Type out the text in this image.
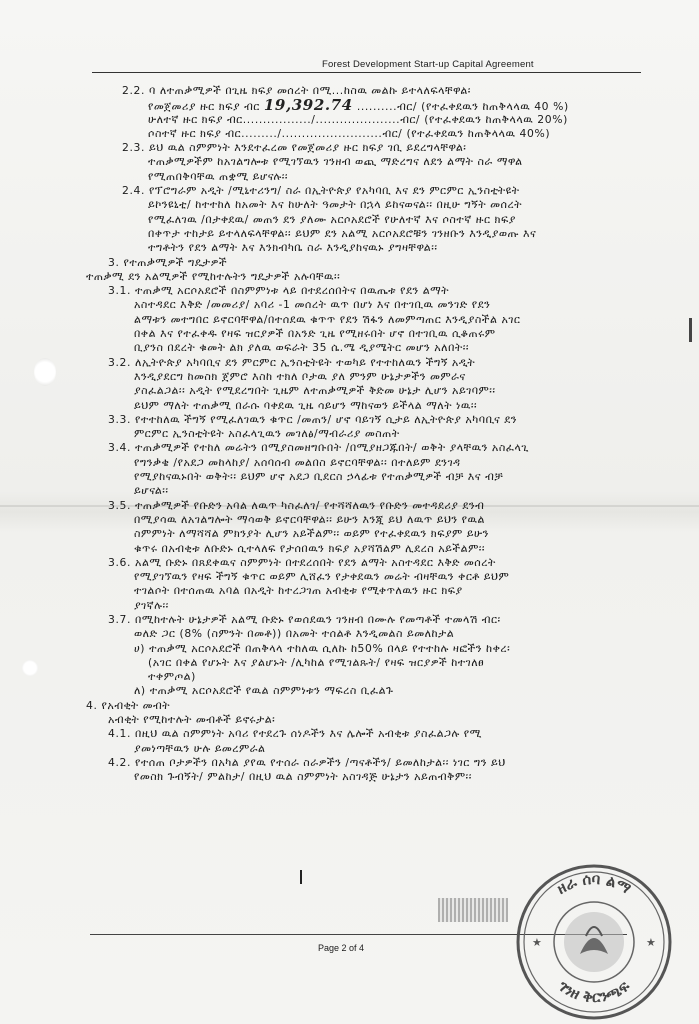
Forest Development Start-up Capital Agreement
2.2. ባ ለተጠቃሚዎች በጊዜ ክፍያ መሰረት በሚ...ከስዉ መልኩ ይተላለፍላቸዋል፡
የመጀመሪያ ዙር ክፍያ ብር 19,392.74 ..........ብር/ (የተፈቀደዉን ከጠቅላላዉ 40 %)
ሁለተኛ ዙር ክፍያ ብር................./.....................ብር/ (የተፈቀደዉን ከጠቅላላዉ 20%)
ሶስተኛ ዙር ክፍያ ብር........./.........................ብር/ (የተፈቀደዉን ከጠቅላላዉ 40%)
2.3. ይህ ዉል ስምምነት እንደተፈረመ የመጀመሪያ ዙር ክፍያ ገቢ ይደረግላቸዋል፡
ተጠቃሚዎችም ከአገልግሎቱ የሚገኘዉን ገንዘብ ወጪ ማድረግና ለደን ልማት ስራ ማዋል
የሚጠበቅባቸዉ ጠቋሚ ይሆናሉ፡፡
2.4. የፕሮግራም አዲት /ሚኒተሪንግ/ ስራ በኢትዮጵያ የአካባቢ እና ደን ምርምር ኢንስቲትዩት
ይኮንዩኒቲ/ ከተተከለ ከአመት እና ከሁለት ዓመታት በኋላ ይከናወናል፡፡ በዚሁ ግኝት መሰረት
የሚፈለገዉ /በታቀደዉ/ መጠን ደን ያለሙ አርሶአደሮች የሁለተኛ እና ሶስተኛ ዙር ክፍያ
በቀጥታ ተከታይ ይተላለፍላቸዋል፡፡ ይህም ደን አልሚ አርሶአደሮቹን ገንዘቡን እንዲያወጡ እና
ተግቶትን የደን ልማት እና እንክብካቤ ስራ እንዲያከናዉኑ ያግዛቸዋል፡፡
3. የተጠቃሚዎች ግዴታዎች
ተጠቃሚ ደን አልሚዎች የሚከተሉትን ግዴታዎች አሉባቸዉ፡፡
3.1. ተጠቃሚ አርሶአደሮች በስምምነቱ ላይ በተደረሰበትና በዉጤቱ የደን ልማት
አስተዳደር እቅድ /መመሪያ/ አባሪ -1 መሰረት ዉጥ በሆነ እና በተገቢዉ መንገድ የደን
ልማቱን መተግበር ይኖርባቸዋል/በተሰደዉ ቁጥጥ የደን ሽፋን ለመምጣጠር እንዲያስችል አገር
በቀል እና የተፈቀዱ የዛፍ ዝርያዎች በአንድ ጊዜ የሚዘሩበት ሆኖ በተገቢዉ ሲቆጠሩም
ቢያንስ በደረት ቁመት ልክ ያለዉ ወፍራት 35 ሴ.ሜ ዲያሜትር መሆን አለበት፡፡
3.2. ለኢትዮጵያ አካባቢና ደን ምርምር ኢንስቲትዩት ተወካይ የተተከለዉን ችግኝ አዲት
እንዲያደርግ ከመስክ ጀምሮ እስከ ተክለ ቦታዉ ያለ ምንም ሁኔታዎችን መምራና
ያስፈልጋል፡፡ አዲት የሚደረግበት ጊዜም ለተጠቃሚዎች ቅድመ ሁኔታ ሊሆን አይገባም፡፡
ይህም ማለት ተጠቃሚ በራሱ ባቀደዉ ጊዜ ሳይሆን ማከናወን ይችላል ማለት ነዉ፡፡
3.3. የተተከለዉ ችግኝ የሚፈለገዉን ቁጥር /መጠን/ ሆኖ ባይገኝ ሲታይ ለኢትዮጵያ አካባቢና ደን
ምርምር ኢንስቲትዩት አስፈላጊዉን መገለፅ/ማብራሪያ መስጠት
3.4. ተጠቃሚዎች የተከለ መሬትን በሚያስመዘግቡበት /በሚያዘጋጁበት/ ወቅት ያላቸዉን አስፈላጊ
የግንቃቄ /የአደጋ መከላከያ/ አሰባሰብ መልበስ ይኖርባቸዋል፡፡ በተለይም ደንገዳ
የሚያከናዉኑበት ወቅት፡፡ ይህም ሆኖ አደጋ ቢደርስ ኃላፊቱ የተጠቃሚዎች ብቻ እና ብቻ
ይሆናል፡፡
3.5. ተጠቃሚዎች የቡድን አባል ለዉጥ ካስፈለገ/ የተሻሻለዉን የቡድን መተዳደሪያ ደንብ
በሚያሳዉ ለአገልግሎት ማሳወቅ ይኖርባቸዋል፡፡ ይሁን እንጂ ይህ ለዉጥ ይህን የዉል
ስምምነት ለማሻሻል ምክንያት ሊሆን አይችልም፡፡ ወይም የተፈቀደዉን ክፍያም ይሁን
ቁጥሩ በአብቂቱ ለቡድኑ ሲተላለፍ የታሰበዉን ክፍያ አያሻሽልም ሊደረስ አይችልም፡፡
3.6. አልሚ ቡድኑ በጸደቀዉና ስምምነት በተደረሰበት የደን ልማት አስተዳደር እቅድ መሰረት
የሚያገኘዉን የዛፍ ችግኝ ቁጥር ወይም ሊሸፈን የታቀደዉን መሬት ብዛቸዉን ቀርቶ ይህም
ተገልሶት በተሰጠዉ አባል በአዲት ከተረጋገጠ አብቂቱ የሚቀጥለዉን ዙር ክፍያ
ያገኛሉ፡፡
3.7. በሚከተሉት ሁኔታዎች አልሚ ቡድኑ የወሰደዉን ገንዘብ በሙሉ የመጣቶች ተመላሽ ብር፡
ወለድ ጋር (8% (ስምንት በመቶ)) በአመት ተሰልቶ እንዲመልስ ይመለከታል
ሀ) ተጠቃሚ አርሶአደሮች በጠቅላላ ተከለዉ ሲለኩ ከ50% በላይ የተተከሉ ዛፎችን ከቀረ፡
(አገር በቀል የሆኑት እና ያልሆኑት /ሊካከል የሚገልጹት/ የዛፍ ዝርያዎች ከተገለፀ
ተቀምጦል)
ለ) ተጠቃሚ አርሶአደሮች የዉል ስምምነቱን ማፍረስ ቢፈልጉ
4. የአብቂት መብት
አብቂት የሚከተሉት መብቶች ይኖሩታል፡
4.1. በዚህ ዉል ስምምነት አባሪ የተደረጉ ሰነዶችን እና ሌሎች አብቂቱ ያስፈልጋሉ የሚ
ያመነጣቸዉን ሁሉ ይመረምራል
4.2. የተሰጠ ቦታዎችን በአካል ያየዉ የተሰራ ስራዎችን /ጣናቶችን/ ይመለከታል፡፡ ነገር ግን ይህ
የመስክ ጉብኝት/ ምልከታ/ በዚህ ዉል ስምምነት አስገዳጅ ሁኔታን አይጠብቅም፡፡
Page 2 of 4
ዘራ ሰባ ልማ
ገንዘ ቅርንጫፍ
★	★
